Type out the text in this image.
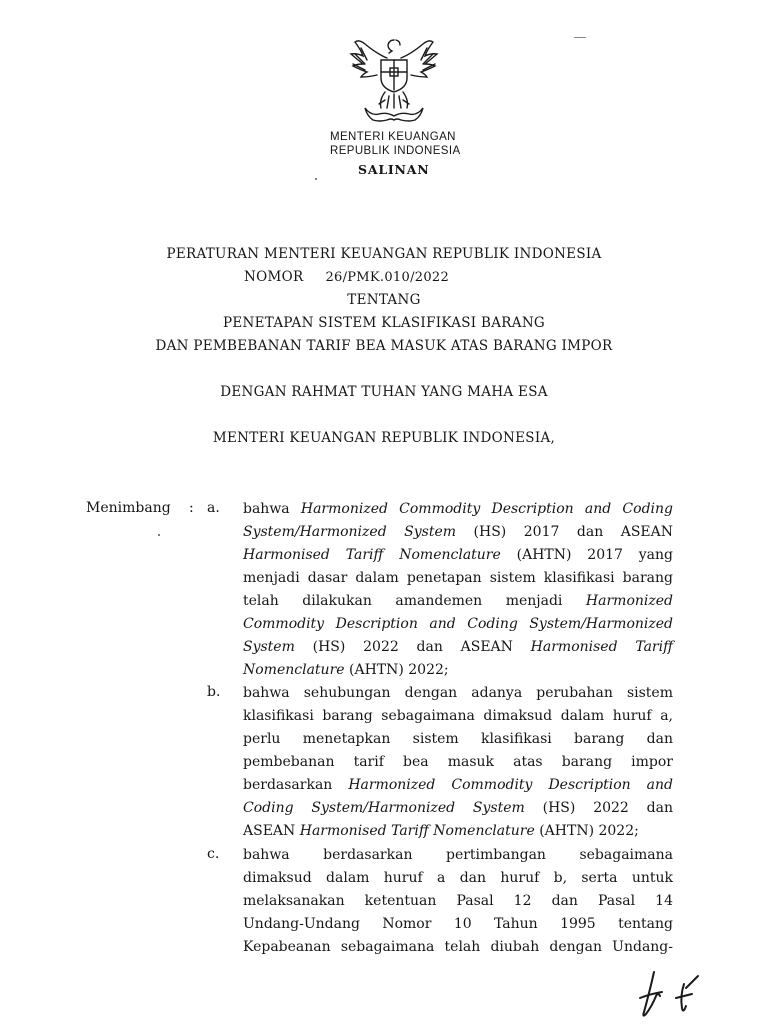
MENTERI KEUANGAN
REPUBLIK INDONESIA
SALINAN
PERATURAN MENTERI KEUANGAN REPUBLIK INDONESIA
NOMOR 26/PMK.010/2022
TENTANG
PENETAPAN SISTEM KLASIFIKASI BARANG
DAN PEMBEBANAN TARIF BEA MASUK ATAS BARANG IMPOR
DENGAN RAHMAT TUHAN YANG MAHA ESA
MENTERI KEUANGAN REPUBLIK INDONESIA,
Menimbang : a. bahwa Harmonized Commodity Description and Coding
System/Harmonized System (HS) 2017 dan ASEAN
Harmonised Tariff Nomenclature (AHTN) 2017 yang
menjadi dasar dalam penetapan sistem klasifikasi barang
telah dilakukan amandemen menjadi Harmonized
Commodity Description and Coding System/Harmonized
System (HS) 2022 dan ASEAN Harmonised Tariff
Nomenclature (AHTN) 2022;
b. bahwa sehubungan dengan adanya perubahan sistem
klasifikasi barang sebagaimana dimaksud dalam huruf a,
perlu menetapkan sistem klasifikasi barang dan
pembebanan tarif bea masuk atas barang impor
berdasarkan Harmonized Commodity Description and
Coding System/Harmonized System (HS) 2022 dan
ASEAN Harmonised Tariff Nomenclature (AHTN) 2022;
c. bahwa berdasarkan pertimbangan sebagaimana
dimaksud dalam huruf a dan huruf b, serta untuk
melaksanakan ketentuan Pasal 12 dan Pasal 14
Undang-Undang Nomor 10 Tahun 1995 tentang
Kepabeanan sebagaimana telah diubah dengan Undang-
